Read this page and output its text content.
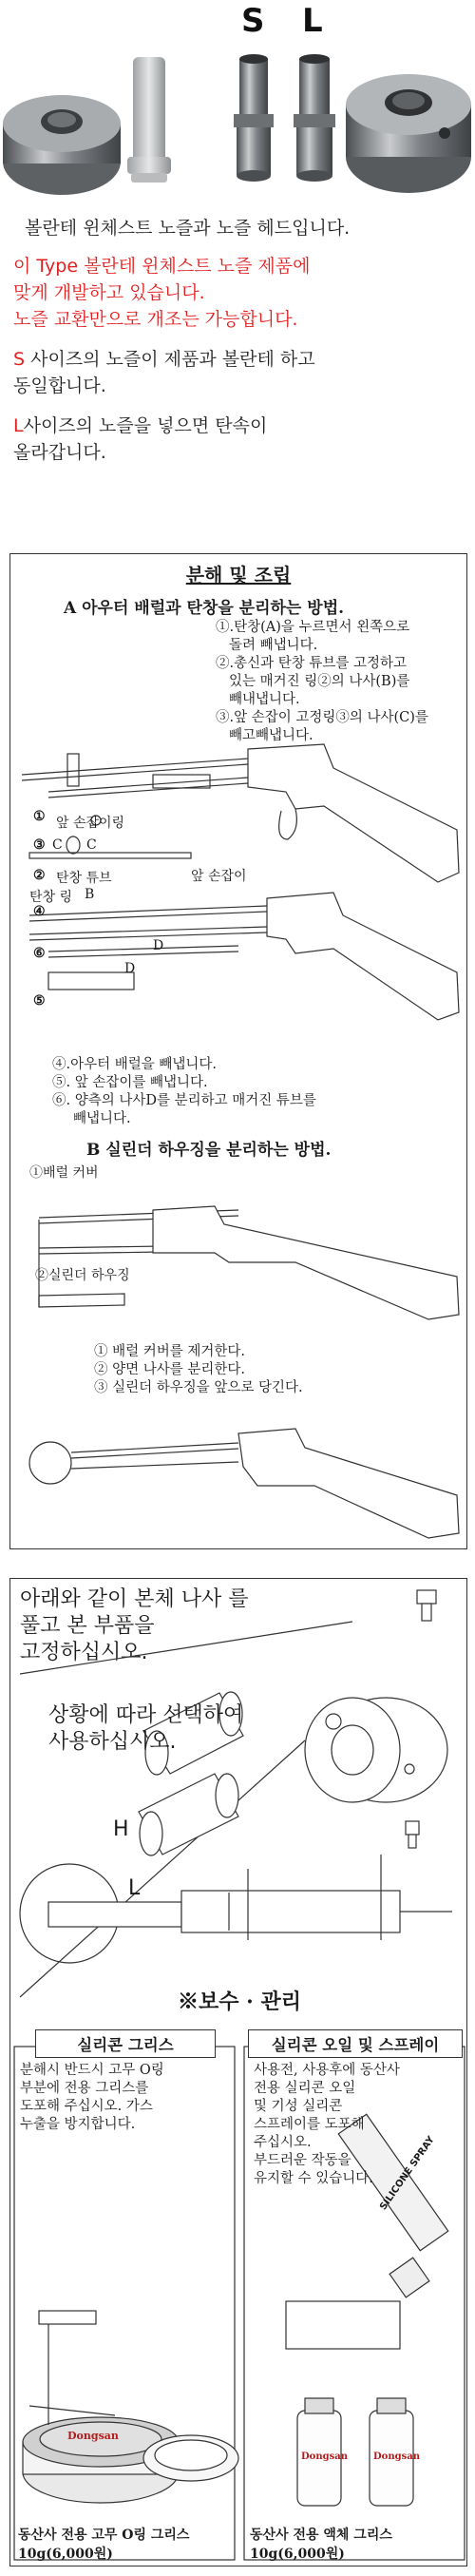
S L

볼란테 윈체스트 노즐과 노즐 헤드입니다.

이 Type 볼란테 윈체스트 노즐 제품에

맞게 개발하고 있습니다.

노즐 교환만으로 개조는 가능합니다.

S 사이즈의 노즐이 제품과 볼란테 하고

동일합니다.

L사이즈의 노즐을 넣으면 탄속이

올라갑니다.

분해 및 조립
A 아우터 배럴과 탄창을 분리하는 방법.
①.탄창(A)을 누르면서 왼쪽으로
돌려 빼냅니다.
②.총신과 탄창 튜브를 고정하고
있는 매거진 링②의 나사(B)를
빼내냅니다.
③.앞 손잡이 고정링③의 나사(C)를
빼고빼냅니다.
① 앞 손잡이링
③ C C
② 탄창 튜브
탄창 링 B
앞 손잡이
④
D
D
⑥
⑤
④.아우터 배럴을 빼냅니다.
⑤. 앞 손잡이를 빼냅니다.
⑥. 양측의 나사D를 분리하고 매거진 튜브를
빼냅니다.
B 실린더 하우징을 분리하는 방법.
①배럴 커버
②실린더 하우징
① 배럴 커버를 제거한다.
② 양면 나사를 분리한다.
③ 실린더 하우징을 앞으로 당긴다.
아래와 같이 본체 나사 를
풀고 본 부품을
고정하십시오.
상황에 따라 선택하여
사용하십시오.
H
L
※보수 · 관리
실리콘 그리스
분해시 반드시 고무 O링
부분에 전용 그리스를
도포해 주십시오. 가스
누출을 방지합니다.
Dongsan
동산사 전용 고무 O링 그리스
10g(6,000원)
실리콘 오일 및 스프레이
사용전, 사용후에 동산사
전용 실리콘 오일
및 기성 실리콘
스프레이를 도포해
주십시오.
부드러운 작동을
유지할 수 있습니다. SILICONE SPRAY
Dongsan	Dongsan
동산사 전용 액체 그리스
10g(6,000원)
